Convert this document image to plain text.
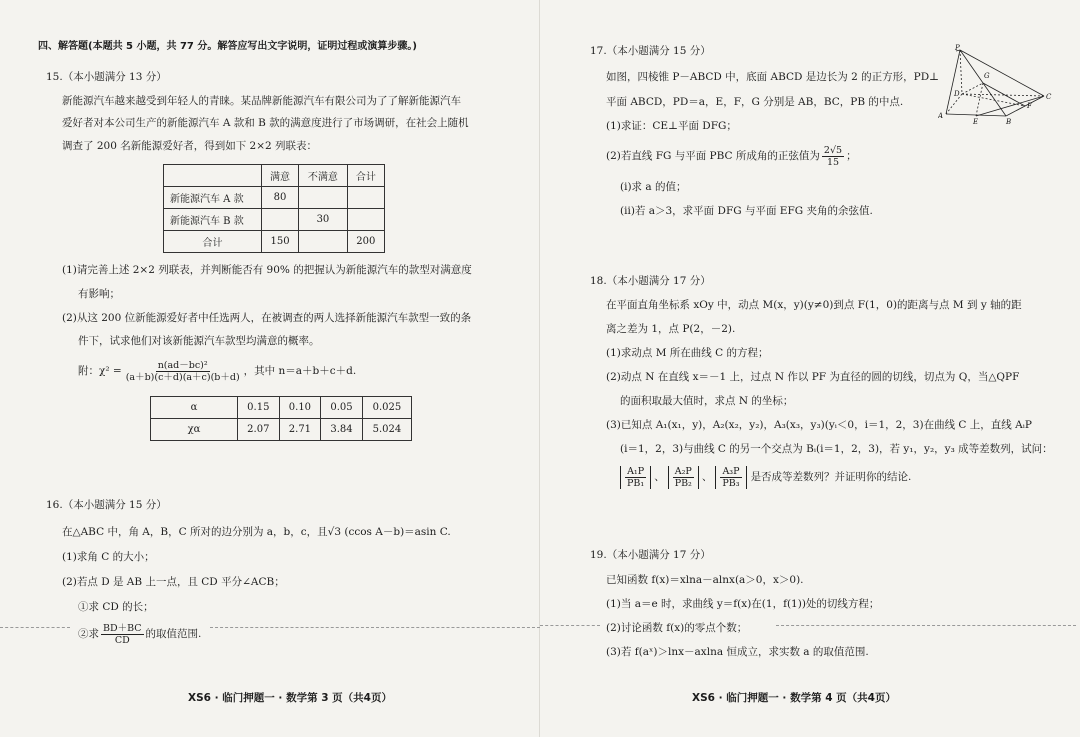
四、解答题(本题共 5 小题，共 77 分。解答应写出文字说明，证明过程或演算步骤。)
15.（本小题满分 13 分）
新能源汽车越来越受到年轻人的青睐。某品牌新能源汽车有限公司为了了解新能源汽车
爱好者对本公司生产的新能源汽车 A 款和 B 款的满意度进行了市场调研，在社会上随机
调查了 200 名新能源爱好者，得到如下 2×2 列联表：
	满意	不满意	合计
新能源汽车 A 款	80		
新能源汽车 B 款		30	
合计	150		200
(1)请完善上述 2×2 列联表，并判断能否有 90% 的把握认为新能源汽车的款型对满意度
有影响；
(2)从这 200 位新能源爱好者中任选两人，在被调查的两人选择新能源汽车款型一致的条
件下，试求他们对该新能源汽车款型均满意的概率。
附：$\chi^2 = \frac{\text{n(ad－bc)²}}{(a+b)(c+d)(a+c)(b+d)}$ ，其中 n＝a＋b＋c＋d.
α	0.15	0.10	0.05	0.025
χα	2.07	2.71	3.84	5.024
16.（本小题满分 15 分）
在△ABC 中，角 A，B，C 所对的边分别为 a，b，c，且√3 (ccos A－b)＝asin C.
(1)求角 C 的大小；
(2)若点 D 是 AB 上一点，且 CD 平分∠ACB；
①求 CD 的长；
②求 $\frac{BD+BC}{CD}$ 的取值范围.
XS6 · 临门押题一 · 数学第 3 页（共4页）
17.（本小题满分 15 分）
如图，四棱锥 P－ABCD 中，底面 ABCD 是边长为 2 的正方形，PD⊥
平面 ABCD，PD＝a，E，F，G 分别是 AB，BC，PB 的中点.
(1)求证：CE⊥平面 DFG；
(2)若直线 FG 与平面 PBC 所成角的正弦值为 $\frac{2√5}{15}$ ；
(ⅰ)求 a 的值；
(ⅱ)若 a＞3，求平面 DFG 与平面 EFG 夹角的余弦值.
P
G
D	C
A
E	B
F
18.（本小题满分 17 分）
在平面直角坐标系 xOy 中，动点 M(x，y)(y≠0)到点 F(1，0)的距离与点 M 到 y 轴的距
离之差为 1，点 P(2，－2).
(1)求动点 M 所在曲线 C 的方程；
(2)动点 N 在直线 x＝－1 上，过点 N 作以 PF 为直径的圆的切线，切点为 Q，当△QPF
的面积取最大值时，求点 N 的坐标；
(3)已知点 A₁(x₁，y)，A₂(x₂，y₂)，A₃(x₃，y₃)(yᵢ＜0，i＝1，2，3)在曲线 C 上，直线 AᵢP
(i＝1，2，3)与曲线 C 的另一个交点为 Bᵢ(i＝1，2，3)，若 y₁，y₂，y₃ 成等差数列，试问：
$\frac{\text{A₁P}}{\text{PB₁}}$ 、 $\frac{\text{A₂P}}{\text{PB₂}}$ 、 $\frac{\text{A₃P}}{\text{PB₃}}$ 是否成等差数列？并证明你的结论.
19.（本小题满分 17 分）
已知函数 f(x)＝xlna－alnx(a＞0，x＞0).
(1)当 a＝e 时，求曲线 y＝f(x)在(1，f(1))处的切线方程；
(2)讨论函数 f(x)的零点个数；
(3)若 f(aˣ)＞lnx－axlna 恒成立，求实数 a 的取值范围.
XS6 · 临门押题一 · 数学第 4 页（共4页）
